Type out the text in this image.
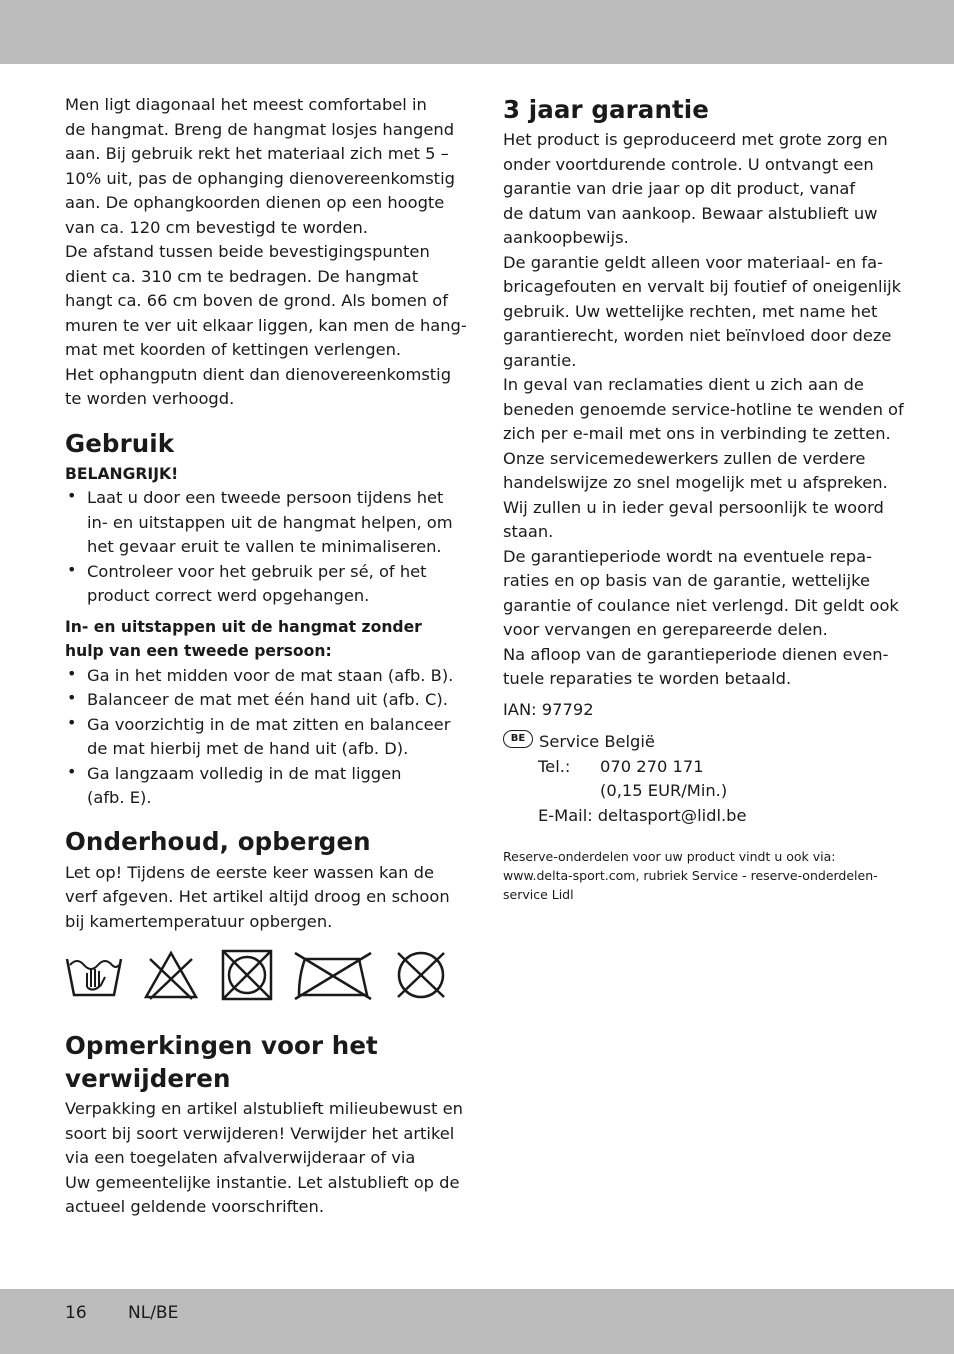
Men ligt diagonaal het meest comfortabel in
de hangmat. Breng de hangmat losjes hangend
aan. Bij gebruik rekt het materiaal zich met 5 –
10% uit, pas de ophanging dienovereenkomstig
aan. De ophangkoorden dienen op een hoogte
van ca. 120 cm bevestigd te worden.
De afstand tussen beide bevestigingspunten
dient ca. 310 cm te bedragen. De hangmat
hangt ca. 66 cm boven de grond. Als bomen of
muren te ver uit elkaar liggen, kan men de hang-
mat met koorden of kettingen verlengen.
Het ophangputn dient dan dienovereenkomstig
te worden verhoogd.
Gebruik
BELANGRIJK!
• Laat u door een tweede persoon tijdens het
in- en uitstappen uit de hangmat helpen, om
het gevaar eruit te vallen te minimaliseren.
• Controleer voor het gebruik per sé, of het
product correct werd opgehangen.
In- en uitstappen uit de hangmat zonder
hulp van een tweede persoon:
• Ga in het midden voor de mat staan (afb. B).
• Balanceer de mat met één hand uit (afb. C).
• Ga voorzichtig in de mat zitten en balanceer
de mat hierbij met de hand uit (afb. D).
• Ga langzaam volledig in de mat liggen
(afb. E).
Onderhoud, opbergen
Let op! Tijdens de eerste keer wassen kan de
verf afgeven. Het artikel altijd droog en schoon
bij kamertemperatuur opbergen.
Opmerkingen voor het
verwijderen
Verpakking en artikel alstublieft milieubewust en
soort bij soort verwijderen! Verwijder het artikel
via een toegelaten afvalverwijderaar of via
Uw gemeentelijke instantie. Let alstublieft op de
actueel geldende voorschriften.
3 jaar garantie
Het product is geproduceerd met grote zorg en
onder voortdurende controle. U ontvangt een
garantie van drie jaar op dit product, vanaf
de datum van aankoop. Bewaar alstublieft uw
aankoopbewijs.
De garantie geldt alleen voor materiaal- en fa-
bricagefouten en vervalt bij foutief of oneigenlijk
gebruik. Uw wettelijke rechten, met name het
garantierecht, worden niet beïnvloed door deze
garantie.
In geval van reclamaties dient u zich aan de
beneden genoemde service-hotline te wenden of
zich per e-mail met ons in verbinding te zetten.
Onze servicemedewerkers zullen de verdere
handelswijze zo snel mogelijk met u afspreken.
Wij zullen u in ieder geval persoonlijk te woord
staan.
De garantieperiode wordt na eventuele repa-
raties en op basis van de garantie, wettelijke
garantie of coulance niet verlengd. Dit geldt ook
voor vervangen en gerepareerde delen.
Na afloop van de garantieperiode dienen even-
tuele reparaties te worden betaald.
IAN: 97792
BE Service België
Tel.:	070 270 171
(0,15 EUR/Min.)
E-Mail: deltasport@lidl.be
Reserve-onderdelen voor uw product vindt u ook via:
www.delta-sport.com, rubriek Service - reserve-onderdelen-
service Lidl
16 NL/BE
